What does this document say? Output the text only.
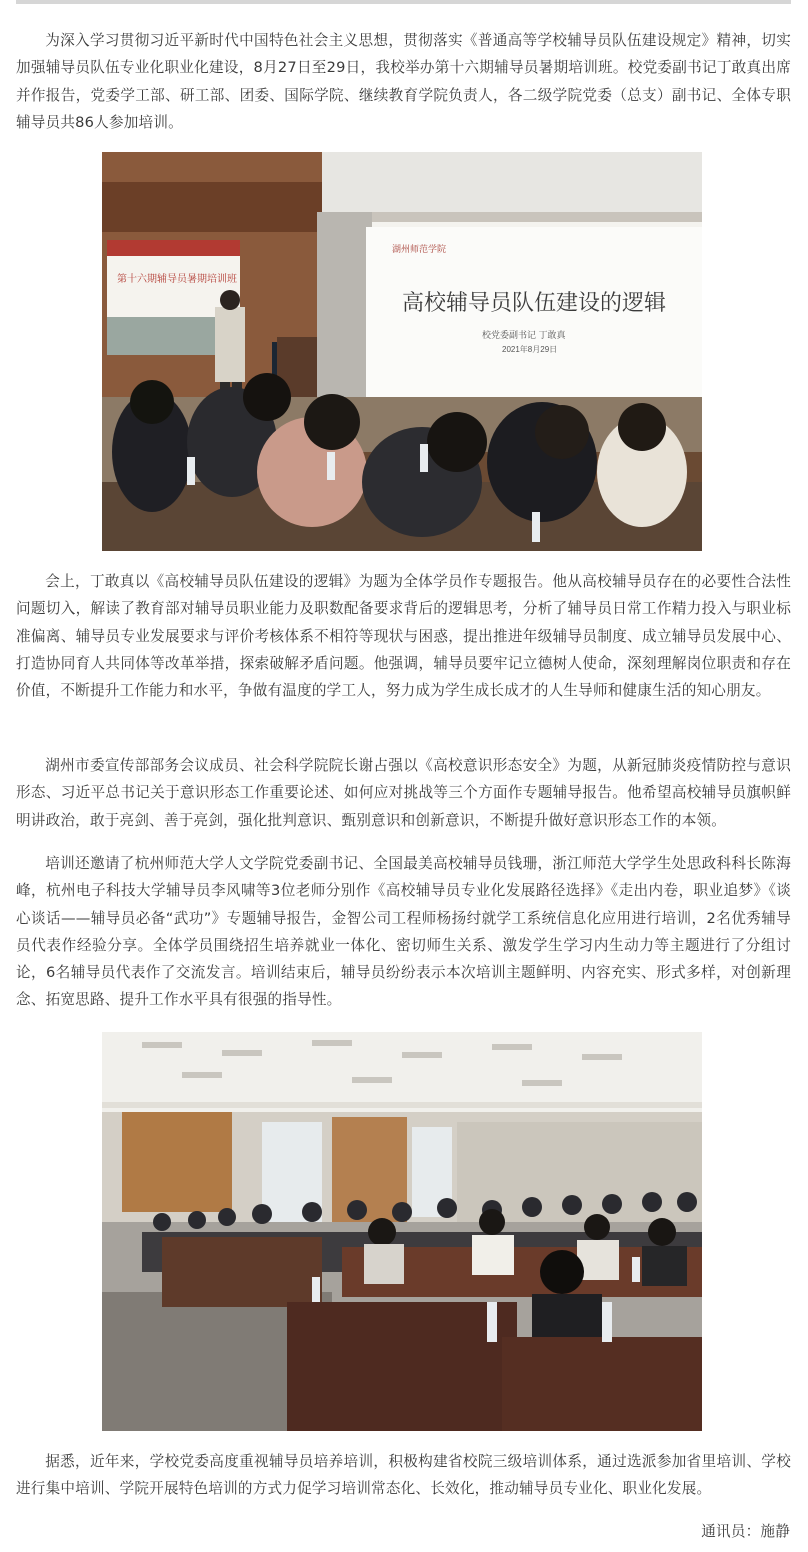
为深入学习贯彻习近平新时代中国特色社会主义思想，贯彻落实《普通高等学校辅导员队伍建设规定》精神，切实加强辅导员队伍专业化职业化建设，8月27日至29日，我校举办第十六期辅导员暑期培训班。校党委副书记丁敢真出席并作报告，党委学工部、研工部、团委、国际学院、继续教育学院负责人，各二级学院党委（总支）副书记、全体专职辅导员共86人参加培训。

湖州师范学院
高校辅导员队伍建设的逻辑
校党委副书记 丁敢真
2021年8月29日
第十六期辅导员暑期培训班

会上，丁敢真以《高校辅导员队伍建设的逻辑》为题为全体学员作专题报告。他从高校辅导员存在的必要性合法性问题切入，解读了教育部对辅导员职业能力及职数配备要求背后的逻辑思考，分析了辅导员日常工作精力投入与职业标准偏离、辅导员专业发展要求与评价考核体系不相符等现状与困惑，提出推进年级辅导员制度、成立辅导员发展中心、打造协同育人共同体等改革举措，探索破解矛盾问题。他强调，辅导员要牢记立德树人使命，深刻理解岗位职责和存在价值，不断提升工作能力和水平，争做有温度的学工人，努力成为学生成长成才的人生导师和健康生活的知心朋友。

湖州市委宣传部部务会议成员、社会科学院院长谢占强以《高校意识形态安全》为题，从新冠肺炎疫情防控与意识形态、习近平总书记关于意识形态工作重要论述、如何应对挑战等三个方面作专题辅导报告。他希望高校辅导员旗帜鲜明讲政治，敢于亮剑、善于亮剑，强化批判意识、甄别意识和创新意识，不断提升做好意识形态工作的本领。

培训还邀请了杭州师范大学人文学院党委副书记、全国最美高校辅导员钱珊，浙江师范大学学生处思政科科长陈海峰，杭州电子科技大学辅导员李风啸等3位老师分别作《高校辅导员专业化发展路径选择》《走出内卷，职业追梦》《谈心谈话——辅导员必备“武功”》专题辅导报告，金智公司工程师杨扬纣就学工系统信息化应用进行培训，2名优秀辅导员代表作经验分享。全体学员围绕招生培养就业一体化、密切师生关系、激发学生学习内生动力等主题进行了分组讨论，6名辅导员代表作了交流发言。培训结束后，辅导员纷纷表示本次培训主题鲜明、内容充实、形式多样，对创新理念、拓宽思路、提升工作水平具有很强的指导性。

据悉，近年来，学校党委高度重视辅导员培养培训，积极构建省校院三级培训体系，通过选派参加省里培训、学校进行集中培训、学院开展特色培训的方式力促学习培训常态化、长效化，推动辅导员专业化、职业化发展。

通讯员：施静
